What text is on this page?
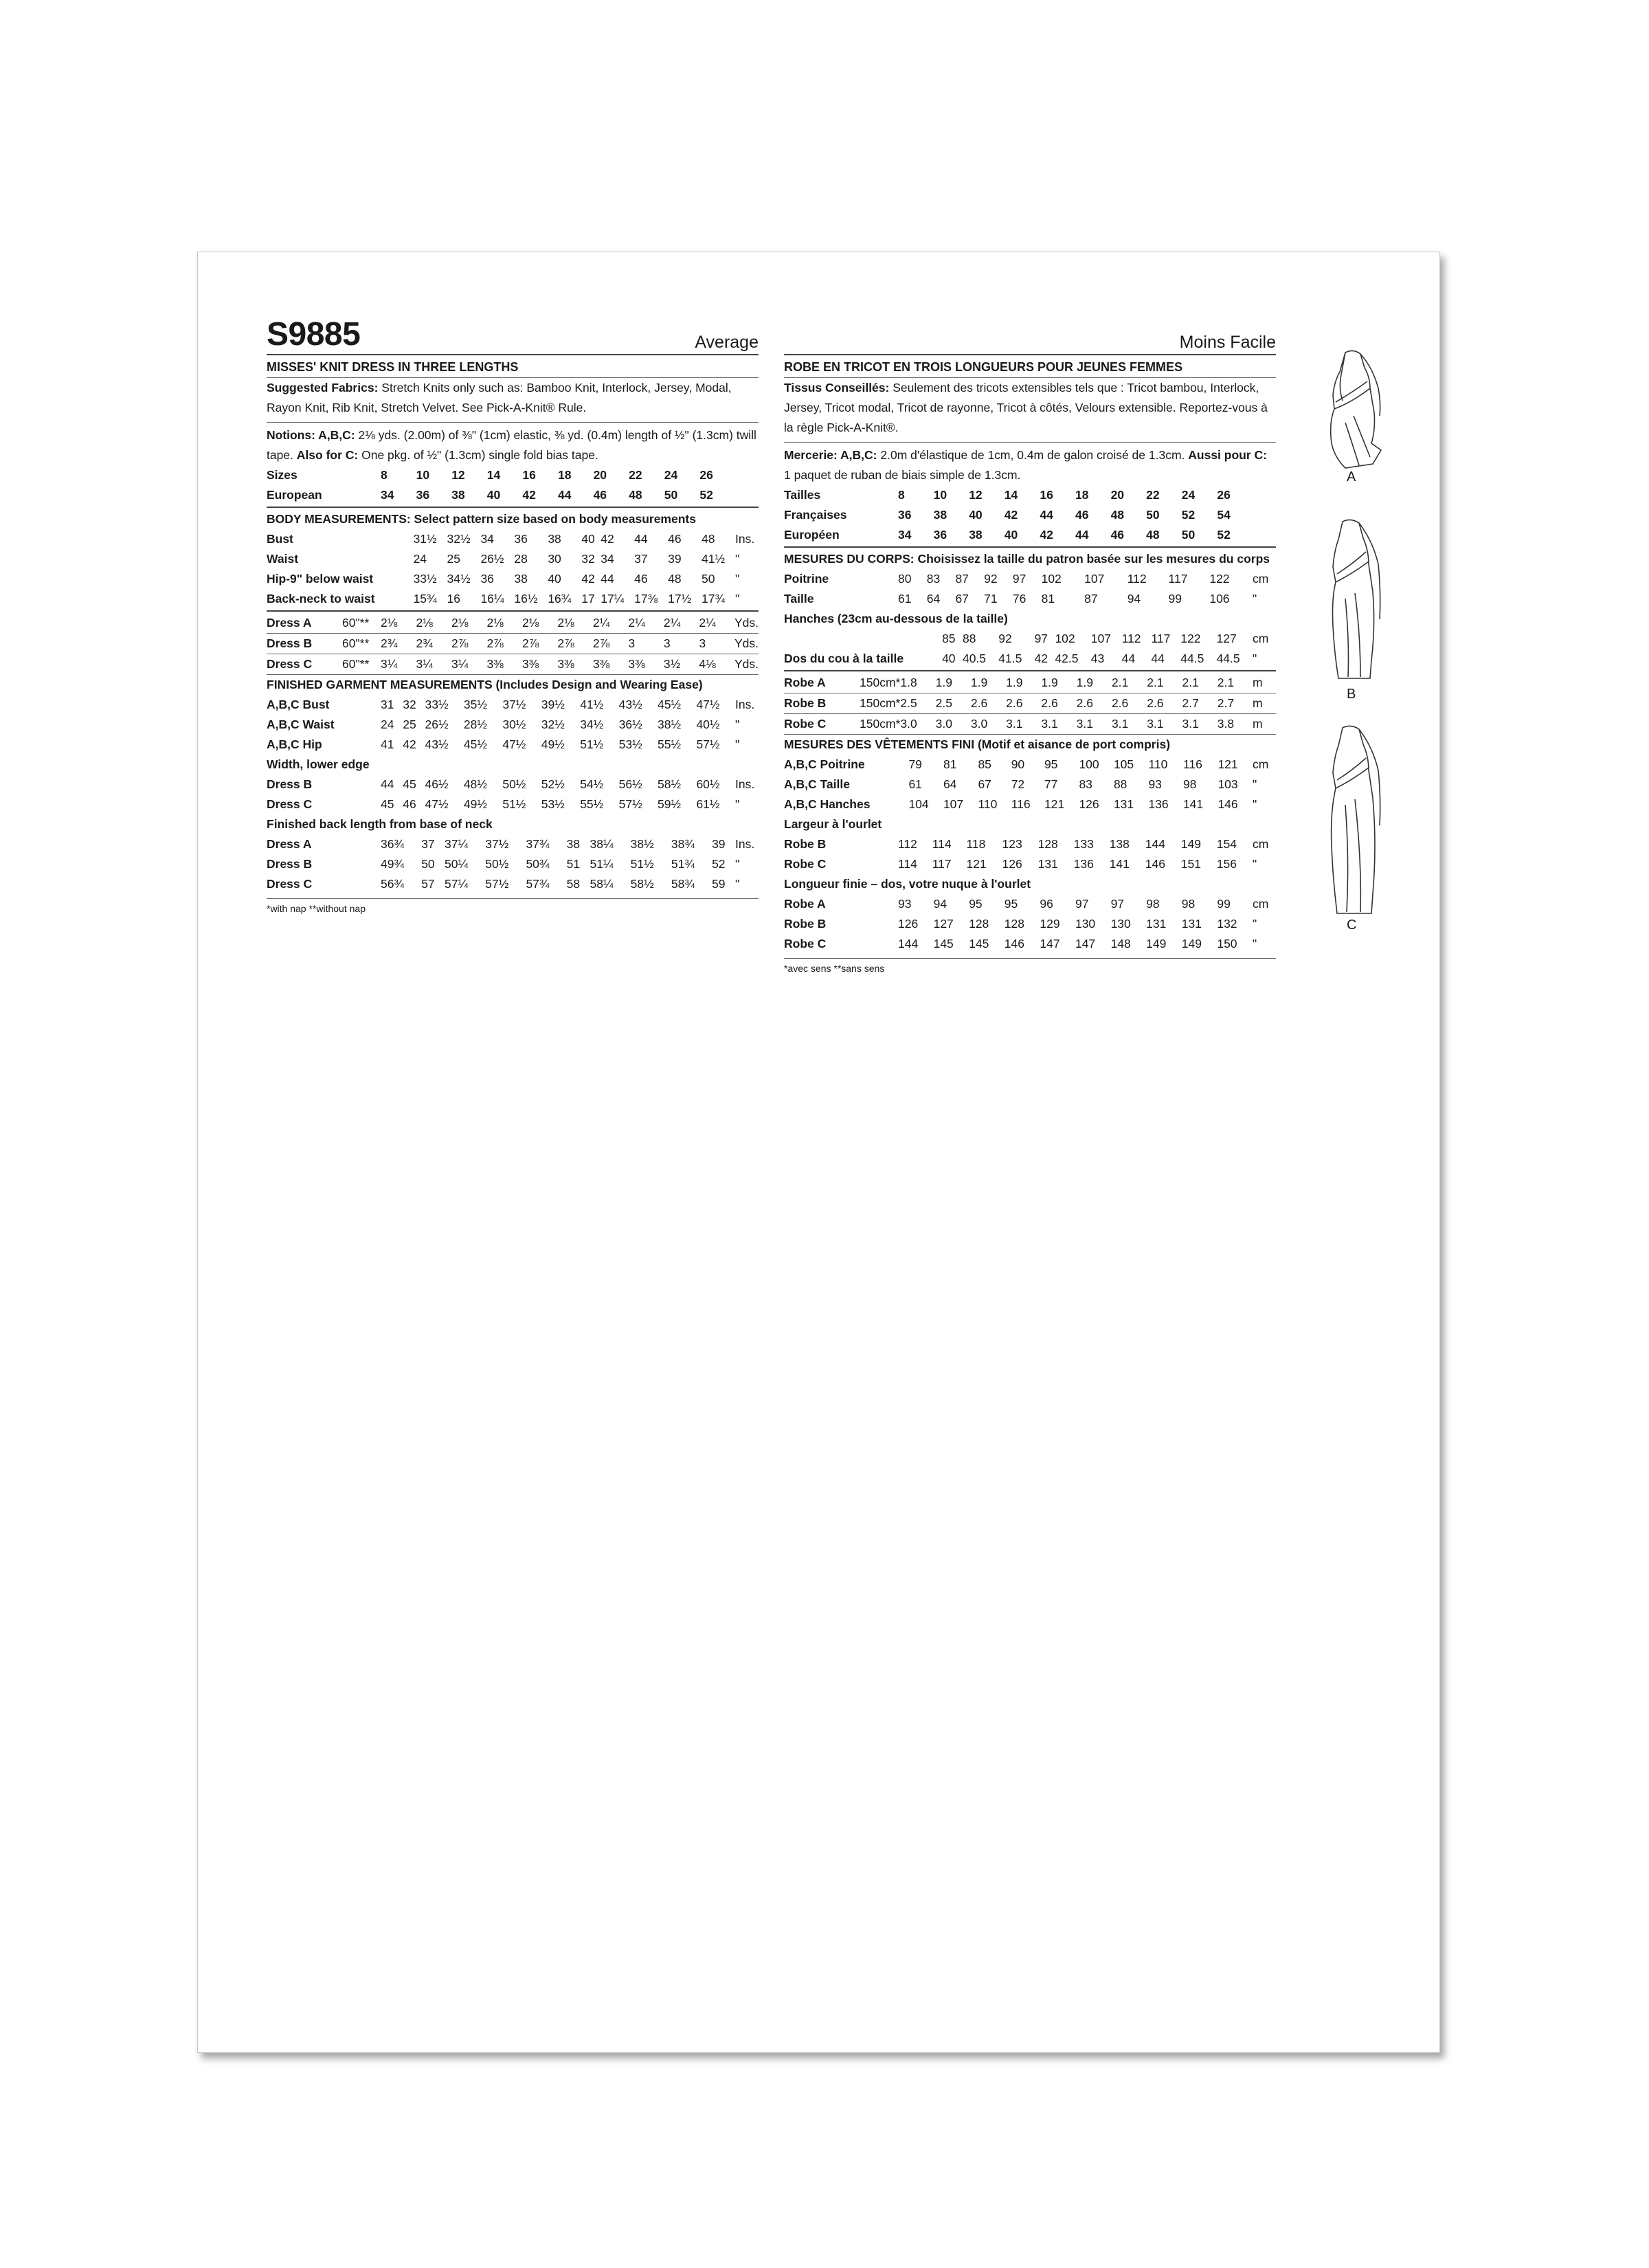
S9885	Average
MISSES' KNIT DRESS IN THREE LENGTHS
Suggested Fabrics: Stretch Knits only such as: Bamboo Knit, Interlock, Jersey, Modal, Rayon Knit, Rib Knit, Stretch Velvet. See Pick-A-Knit® Rule.
Notions: A,B,C: 2⅛ yds. (2.00m) of ⅜" (1cm) elastic, ⅜ yd. (0.4m) length of ½" (1.3cm) twill tape. Also for C: One pkg. of ½" (1.3cm) single fold bias tape.
Sizes		8	10	12	14	16	18	20	22	24	26	
European		34	36	38	40	42	44	46	48	50	52	
BODY MEASUREMENTS: Select pattern size based on body measurements
Bust		31½	32½	34	36	38	40	42	44	46	48	Ins.
Waist		24	25	26½	28	30	32	34	37	39	41½	"
Hip-9" below waist		33½	34½	36	38	40	42	44	46	48	50	"
Back-neck to waist		15¾	16	16¼	16½	16¾	17	17¼	17⅜	17½	17¾	"
Dress A	60"**	2⅛	2⅛	2⅛	2⅛	2⅛	2⅛	2¼	2¼	2¼	2¼	Yds.
Dress B	60"**	2¾	2¾	2⅞	2⅞	2⅞	2⅞	2⅞	3	3	3	Yds.
Dress C	60"**	3¼	3¼	3¼	3⅜	3⅜	3⅜	3⅜	3⅜	3½	4⅛	Yds.
FINISHED GARMENT MEASUREMENTS (Includes Design and Wearing Ease)
A,B,C Bust		31	32	33½	35½	37½	39½	41½	43½	45½	47½	Ins.
A,B,C Waist		24	25	26½	28½	30½	32½	34½	36½	38½	40½	"
A,B,C Hip		41	42	43½	45½	47½	49½	51½	53½	55½	57½	"
Width, lower edge
Dress B		44	45	46½	48½	50½	52½	54½	56½	58½	60½	Ins.
Dress C		45	46	47½	49½	51½	53½	55½	57½	59½	61½	"
Finished back length from base of neck
Dress A		36¾	37	37¼	37½	37¾	38	38¼	38½	38¾	39	Ins.
Dress B		49¾	50	50¼	50½	50¾	51	51¼	51½	51¾	52	"
Dress C		56¾	57	57¼	57½	57¾	58	58¼	58½	58¾	59	"
*with nap **without nap
Moins Facile
ROBE EN TRICOT EN TROIS LONGUEURS POUR JEUNES FEMMES
Tissus Conseillés: Seulement des tricots extensibles tels que : Tricot bambou, Interlock, Jersey, Tricot modal, Tricot de rayonne, Tricot à côtés, Velours extensible. Reportez-vous à la règle Pick-A-Knit®.
Mercerie: A,B,C: 2.0m d'élastique de 1cm, 0.4m de galon croisé de 1.3cm. Aussi pour C: 1 paquet de ruban de biais simple de 1.3cm.
Tailles		8	10	12	14	16	18	20	22	24	26	
Françaises		36	38	40	42	44	46	48	50	52	54	
Européen		34	36	38	40	42	44	46	48	50	52	
MESURES DU CORPS: Choisissez la taille du patron basée sur les mesures du corps
Poitrine		80	83	87	92	97	102	107	112	117	122	cm
Taille		61	64	67	71	76	81	87	94	99	106	"
Hanches (23cm au-dessous de la taille)
		85	88	92	97	102	107	112	117	122	127	cm
Dos du cou à la taille		40	40.5	41.5	42	42.5	43	44	44	44.5	44.5	"
Robe A	150cm*	1.8	1.9	1.9	1.9	1.9	1.9	2.1	2.1	2.1	2.1	m
Robe B	150cm*	2.5	2.5	2.6	2.6	2.6	2.6	2.6	2.6	2.7	2.7	m
Robe C	150cm*	3.0	3.0	3.0	3.1	3.1	3.1	3.1	3.1	3.1	3.8	m
MESURES DES VÊTEMENTS FINI (Motif et aisance de port compris)
A,B,C Poitrine		79	81	85	90	95	100	105	110	116	121	cm
A,B,C Taille		61	64	67	72	77	83	88	93	98	103	"
A,B,C Hanches		104	107	110	116	121	126	131	136	141	146	"
Largeur à l'ourlet
Robe B		112	114	118	123	128	133	138	144	149	154	cm
Robe C		114	117	121	126	131	136	141	146	151	156	"
Longueur finie – dos, votre nuque à l'ourlet
Robe A		93	94	95	95	96	97	97	98	98	99	cm
Robe B		126	127	128	128	129	130	130	131	131	132	"
Robe C		144	145	145	146	147	147	148	149	149	150	"
*avec sens **sans sens
A
B
C
